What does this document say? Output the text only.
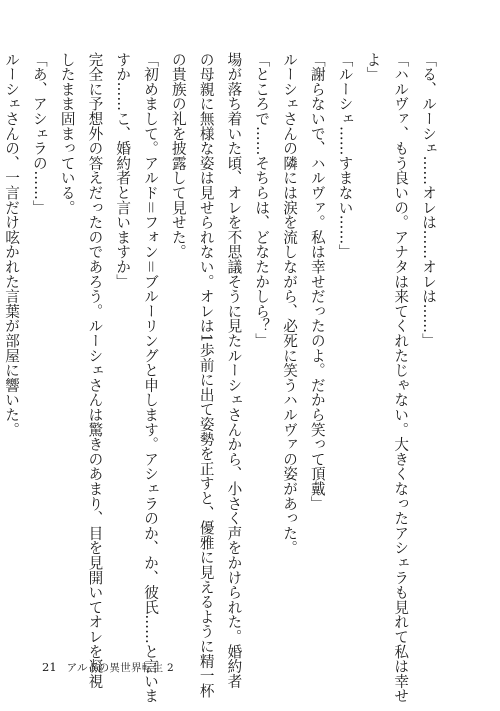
「る、ルーシェ……オレは……オレは……」
「ハルヴァ、もう良いの。アナタは来てくれたじゃない。大きくなったアシェラも見れて私は幸せ
よ」
「ルーシェ……すまない……」
「謝らないで、ハルヴァ。私は幸せだったのよ。だから笑って頂戴」
ルーシェさんの隣には涙を流しながら、必死に笑うハルヴァの姿があった。
「ところで……そちらは、どなたかしら？」
場が落ち着いた頃、オレを不思議そうに見たルーシェさんから、小さく声をかけられた。婚約者
の母親に無様な姿は見せられない。オレは1歩前に出て姿勢を正すと、優雅に見えるように精一杯
の貴族の礼を披露して見せた。
「初めまして。アルド＝フォン＝ブルーリングと申します。アシェラのか、か、彼氏……と言いま
すか……こ、婚約者と言いますか」
完全に予想外の答えだったのであろう。ルーシェさんは驚きのあまり、目を見開いてオレを凝視
したまま固まっている。
「あ、アシェラの……」
ルーシェさんの、一言だけ呟かれた言葉が部屋に響いた。
21 アルドの異世界転生 2
